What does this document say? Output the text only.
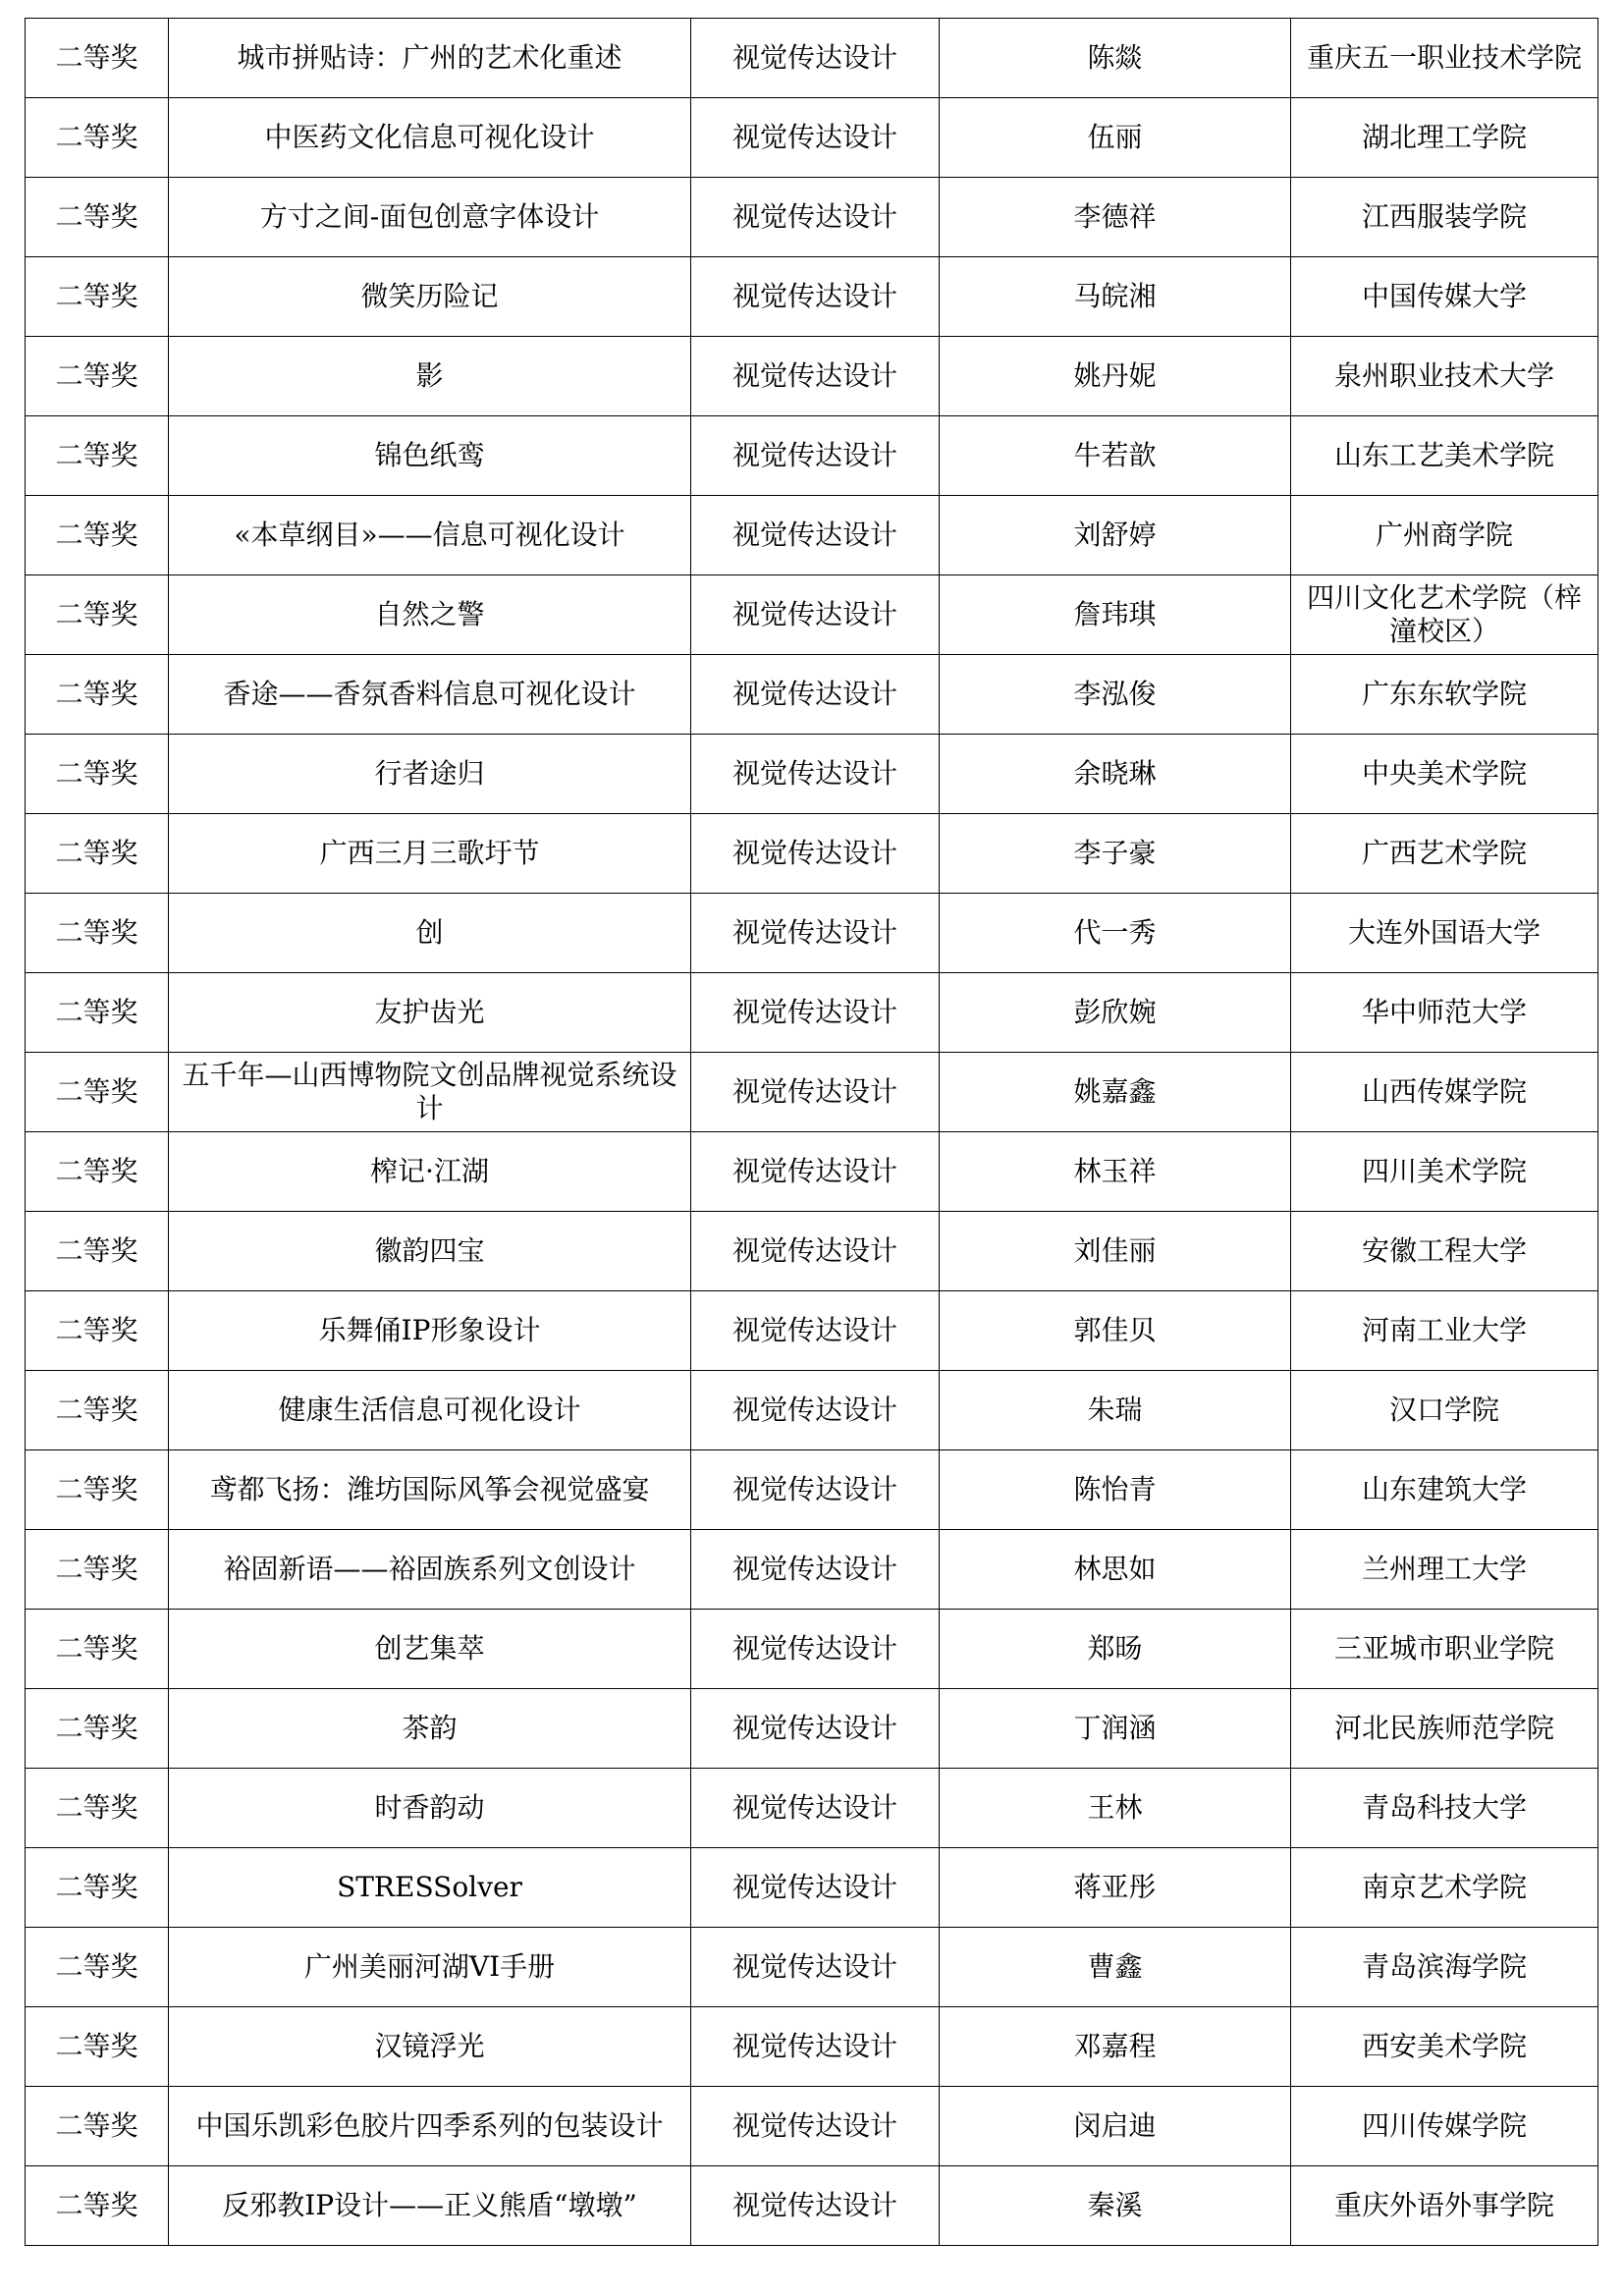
二等奖	城市拼贴诗：广州的艺术化重述	视觉传达设计	陈燚	重庆五一职业技术学院
二等奖	中医药文化信息可视化设计	视觉传达设计	伍丽	湖北理工学院
二等奖	方寸之间-面包创意字体设计	视觉传达设计	李德祥	江西服装学院
二等奖	微笑历险记	视觉传达设计	马皖湘	中国传媒大学
二等奖	影	视觉传达设计	姚丹妮	泉州职业技术大学
二等奖	锦色纸鸾	视觉传达设计	牛若歆	山东工艺美术学院
二等奖	«本草纲目»——信息可视化设计	视觉传达设计	刘舒婷	广州商学院
二等奖	自然之警	视觉传达设计	詹玮琪	四川文化艺术学院（梓潼校区）
二等奖	香途——香氛香料信息可视化设计	视觉传达设计	李泓俊	广东东软学院
二等奖	行者途归	视觉传达设计	余晓琳	中央美术学院
二等奖	广西三月三歌圩节	视觉传达设计	李子豪	广西艺术学院
二等奖	创	视觉传达设计	代一秀	大连外国语大学
二等奖	友护齿光	视觉传达设计	彭欣婉	华中师范大学
二等奖	五千年—山西博物院文创品牌视觉系统设计	视觉传达设计	姚嘉鑫	山西传媒学院
二等奖	榨记·江湖	视觉传达设计	林玉祥	四川美术学院
二等奖	徽韵四宝	视觉传达设计	刘佳丽	安徽工程大学
二等奖	乐舞俑IP形象设计	视觉传达设计	郭佳贝	河南工业大学
二等奖	健康生活信息可视化设计	视觉传达设计	朱瑞	汉口学院
二等奖	鸢都飞扬：潍坊国际风筝会视觉盛宴	视觉传达设计	陈怡青	山东建筑大学
二等奖	裕固新语——裕固族系列文创设计	视觉传达设计	林思如	兰州理工大学
二等奖	创艺集萃	视觉传达设计	郑旸	三亚城市职业学院
二等奖	茶韵	视觉传达设计	丁润涵	河北民族师范学院
二等奖	时香韵动	视觉传达设计	王林	青岛科技大学
二等奖	STRESSolver	视觉传达设计	蒋亚彤	南京艺术学院
二等奖	广州美丽河湖VI手册	视觉传达设计	曹鑫	青岛滨海学院
二等奖	汉镜浮光	视觉传达设计	邓嘉程	西安美术学院
二等奖	中国乐凯彩色胶片四季系列的包装设计	视觉传达设计	闵启迪	四川传媒学院
二等奖	反邪教IP设计——正义熊盾“墩墩”	视觉传达设计	秦溪	重庆外语外事学院
